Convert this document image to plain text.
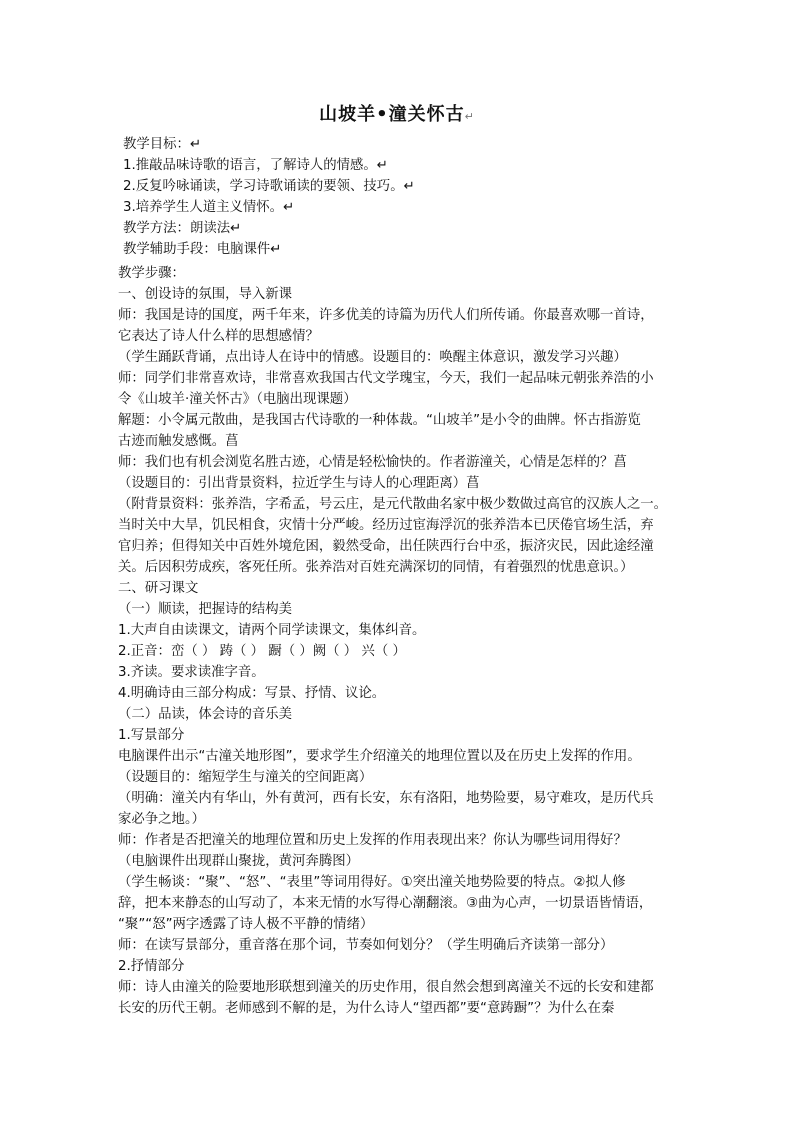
山坡羊•潼关怀古↵
教学目标：↵
1.推敲品味诗歌的语言，了解诗人的情感。↵
2.反复吟咏诵读，学习诗歌诵读的要领、技巧。↵
3.培养学生人道主义情怀。↵
教学方法：朗读法↵
教学辅助手段：电脑课件↵
教学步骤：
一、创设诗的氛围，导入新课
师：我国是诗的国度，两千年来，许多优美的诗篇为历代人们所传诵。你最喜欢哪一首诗，
它表达了诗人什么样的思想感情？
（学生踊跃背诵，点出诗人在诗中的情感。设题目的：唤醒主体意识，激发学习兴趣）
师：同学们非常喜欢诗，非常喜欢我国古代文学瑰宝，今天，我们一起品味元朝张养浩的小
令《山坡羊·潼关怀古》（电脑出现课题）
解题：小令属元散曲，是我国古代诗歌的一种体裁。“山坡羊”是小令的曲牌。怀古指游览
古迹而触发感慨。菖
师：我们也有机会浏览名胜古迹，心情是轻松愉快的。作者游潼关，心情是怎样的？菖
（设题目的：引出背景资料，拉近学生与诗人的心理距离）菖
（附背景资料：张养浩，字希孟，号云庄，是元代散曲名家中极少数做过高官的汉族人之一。
当时关中大旱，饥民相食，灾情十分严峻。经历过宦海浮沉的张养浩本已厌倦官场生活，弃
官归养；但得知关中百姓外境危困，毅然受命，出任陕西行台中丞，振济灾民，因此途经潼
关。后因积劳成疾，客死任所。张养浩对百姓充满深切的同情，有着强烈的忧患意识。）
二、研习课文
（一）顺读，把握诗的结构美
1.大声自由读课文，请两个同学读课文，集体纠音。
2.正音：峦（ ） 踌（ ） 蹰（ ）阙（ ） 兴（ ）
3.齐读。要求读准字音。
4.明确诗由三部分构成：写景、抒情、议论。
（二）品读，体会诗的音乐美
1.写景部分
电脑课件出示“古潼关地形图”，要求学生介绍潼关的地理位置以及在历史上发挥的作用。
（设题目的：缩短学生与潼关的空间距离）
（明确：潼关内有华山，外有黄河，西有长安，东有洛阳，地势险要，易守难攻，是历代兵
家必争之地。）
师：作者是否把潼关的地理位置和历史上发挥的作用表现出来？你认为哪些词用得好？
（电脑课件出现群山聚拢，黄河奔腾图）
（学生畅谈：“聚”、“怒”、“表里”等词用得好。①突出潼关地势险要的特点。②拟人修
辞，把本来静态的山写动了，本来无情的水写得心潮翻滚。③曲为心声，一切景语皆情语，
“聚”“怒”两字透露了诗人极不平静的情绪）
师：在读写景部分，重音落在那个词，节奏如何划分？（学生明确后齐读第一部分）
2.抒情部分
师：诗人由潼关的险要地形联想到潼关的历史作用，很自然会想到离潼关不远的长安和建都
长安的历代王朝。老师感到不解的是，为什么诗人“望西都”要“意踌蹰”？为什么在秦
